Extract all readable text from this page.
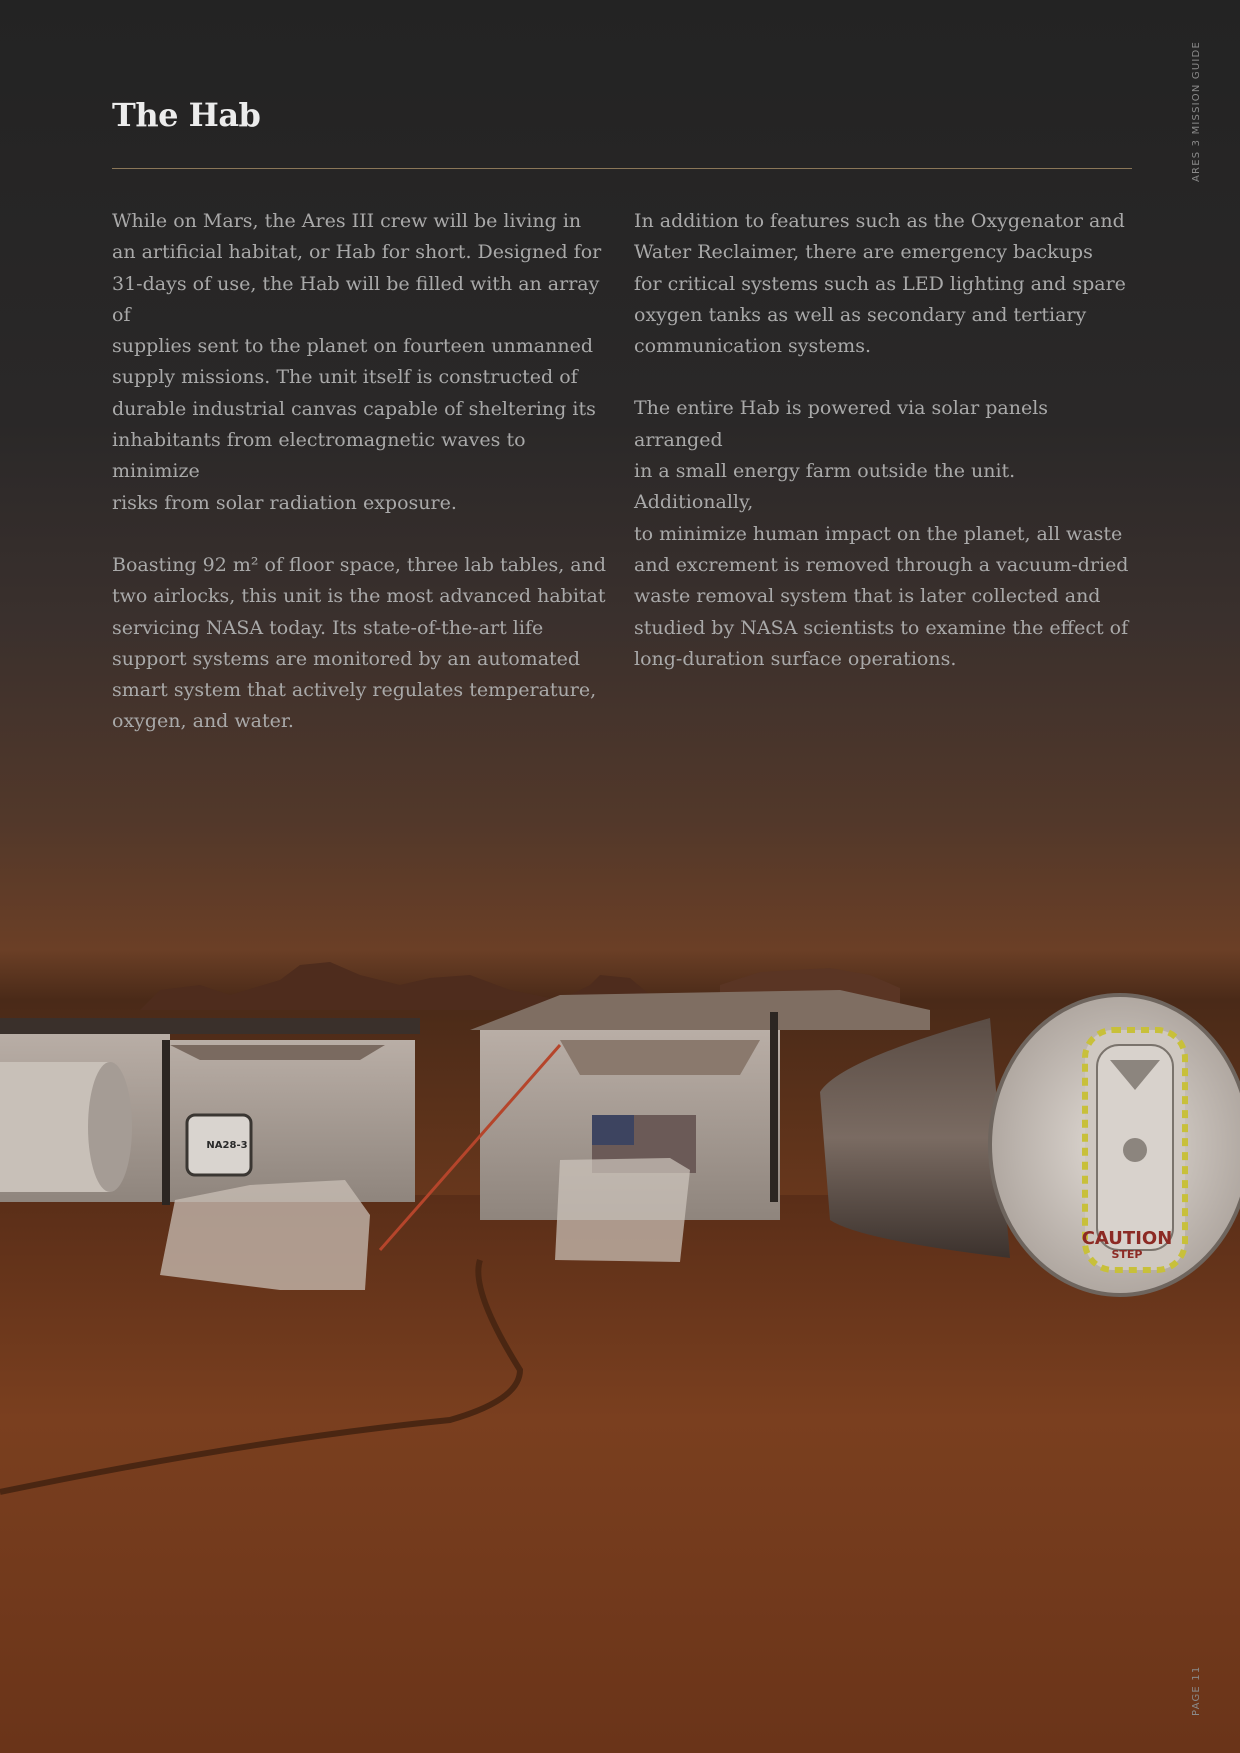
CAUTION
STEP
NA28-3
The Hab

While on Mars, the Ares III crew will be living in
an artificial habitat, or Hab for short. Designed for
31-days of use, the Hab will be filled with an array of
supplies sent to the planet on fourteen unmanned
supply missions. The unit itself is constructed of
durable industrial canvas capable of sheltering its
inhabitants from electromagnetic waves to minimize
risks from solar radiation exposure.

Boasting 92 m² of floor space, three lab tables, and
two airlocks, this unit is the most advanced habitat
servicing NASA today. Its state-of-the-art life
support systems are monitored by an automated
smart system that actively regulates temperature,
oxygen, and water.

In addition to features such as the Oxygenator and
Water Reclaimer, there are emergency backups
for critical systems such as LED lighting and spare
oxygen tanks as well as secondary and tertiary
communication systems.

The entire Hab is powered via solar panels arranged
in a small energy farm outside the unit. Additionally,
to minimize human impact on the planet, all waste
and excrement is removed through a vacuum-dried
waste removal system that is later collected and
studied by NASA scientists to examine the effect of
long-duration surface operations.

ARES 3 MISSION GUIDE
PAGE 11
